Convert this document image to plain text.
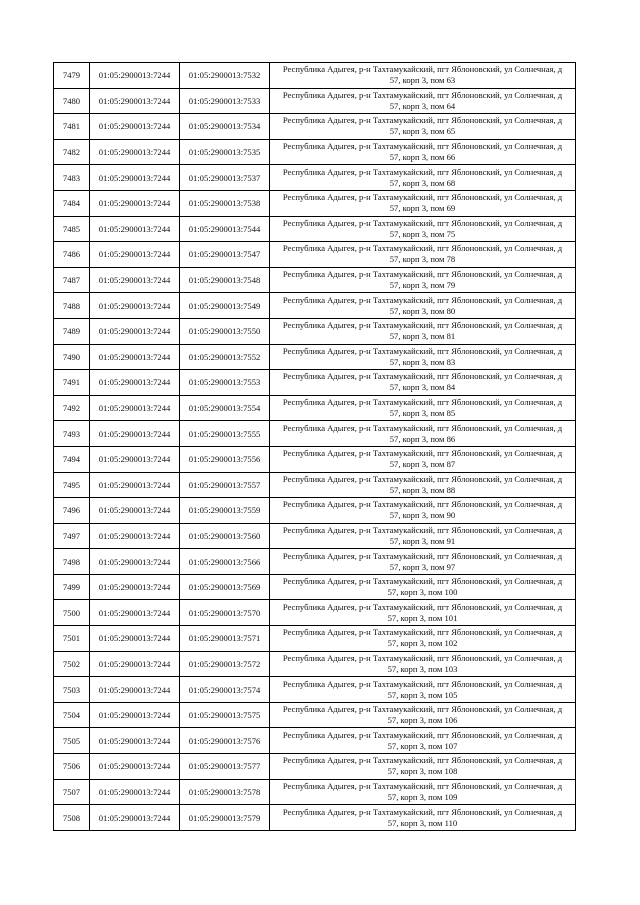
7479	01:05:2900013:7244	01:05:2900013:7532	Республика Адыгея, р-н Тахтамукайский, пгт Яблоновский, ул Солнечная, д
57, корп 3, пом 63

7480	01:05:2900013:7244	01:05:2900013:7533	Республика Адыгея, р-н Тахтамукайский, пгт Яблоновский, ул Солнечная, д
57, корп 3, пом 64

7481	01:05:2900013:7244	01:05:2900013:7534	Республика Адыгея, р-н Тахтамукайский, пгт Яблоновский, ул Солнечная, д
57, корп 3, пом 65

7482	01:05:2900013:7244	01:05:2900013:7535	Республика Адыгея, р-н Тахтамукайский, пгт Яблоновский, ул Солнечная, д
57, корп 3, пом 66

7483	01:05:2900013:7244	01:05:2900013:7537	Республика Адыгея, р-н Тахтамукайский, пгт Яблоновский, ул Солнечная, д
57, корп 3, пом 68

7484	01:05:2900013:7244	01:05:2900013:7538	Республика Адыгея, р-н Тахтамукайский, пгт Яблоновский, ул Солнечная, д
57, корп 3, пом 69

7485	01:05:2900013:7244	01:05:2900013:7544	Республика Адыгея, р-н Тахтамукайский, пгт Яблоновский, ул Солнечная, д
57, корп 3, пом 75

7486	01:05:2900013:7244	01:05:2900013:7547	Республика Адыгея, р-н Тахтамукайский, пгт Яблоновский, ул Солнечная, д
57, корп 3, пом 78

7487	01:05:2900013:7244	01:05:2900013:7548	Республика Адыгея, р-н Тахтамукайский, пгт Яблоновский, ул Солнечная, д
57, корп 3, пом 79

7488	01:05:2900013:7244	01:05:2900013:7549	Республика Адыгея, р-н Тахтамукайский, пгт Яблоновский, ул Солнечная, д
57, корп 3, пом 80

7489	01:05:2900013:7244	01:05:2900013:7550	Республика Адыгея, р-н Тахтамукайский, пгт Яблоновский, ул Солнечная, д
57, корп 3, пом 81

7490	01:05:2900013:7244	01:05:2900013:7552	Республика Адыгея, р-н Тахтамукайский, пгт Яблоновский, ул Солнечная, д
57, корп 3, пом 83

7491	01:05:2900013:7244	01:05:2900013:7553	Республика Адыгея, р-н Тахтамукайский, пгт Яблоновский, ул Солнечная, д
57, корп 3, пом 84

7492	01:05:2900013:7244	01:05:2900013:7554	Республика Адыгея, р-н Тахтамукайский, пгт Яблоновский, ул Солнечная, д
57, корп 3, пом 85

7493	01:05:2900013:7244	01:05:2900013:7555	Республика Адыгея, р-н Тахтамукайский, пгт Яблоновский, ул Солнечная, д
57, корп 3, пом 86

7494	01:05:2900013:7244	01:05:2900013:7556	Республика Адыгея, р-н Тахтамукайский, пгт Яблоновский, ул Солнечная, д
57, корп 3, пом 87

7495	01:05:2900013:7244	01:05:2900013:7557	Республика Адыгея, р-н Тахтамукайский, пгт Яблоновский, ул Солнечная, д
57, корп 3, пом 88

7496	01:05:2900013:7244	01:05:2900013:7559	Республика Адыгея, р-н Тахтамукайский, пгт Яблоновский, ул Солнечная, д
57, корп 3, пом 90

7497	01:05:2900013:7244	01:05:2900013:7560	Республика Адыгея, р-н Тахтамукайский, пгт Яблоновский, ул Солнечная, д
57, корп 3, пом 91

7498	01:05:2900013:7244	01:05:2900013:7566	Республика Адыгея, р-н Тахтамукайский, пгт Яблоновский, ул Солнечная, д
57, корп 3, пом 97

7499	01:05:2900013:7244	01:05:2900013:7569	Республика Адыгея, р-н Тахтамукайский, пгт Яблоновский, ул Солнечная, д
57, корп 3, пом 100

7500	01:05:2900013:7244	01:05:2900013:7570	Республика Адыгея, р-н Тахтамукайский, пгт Яблоновский, ул Солнечная, д
57, корп 3, пом 101

7501	01:05:2900013:7244	01:05:2900013:7571	Республика Адыгея, р-н Тахтамукайский, пгт Яблоновский, ул Солнечная, д
57, корп 3, пом 102

7502	01:05:2900013:7244	01:05:2900013:7572	Республика Адыгея, р-н Тахтамукайский, пгт Яблоновский, ул Солнечная, д
57, корп 3, пом 103

7503	01:05:2900013:7244	01:05:2900013:7574	Республика Адыгея, р-н Тахтамукайский, пгт Яблоновский, ул Солнечная, д
57, корп 3, пом 105

7504	01:05:2900013:7244	01:05:2900013:7575	Республика Адыгея, р-н Тахтамукайский, пгт Яблоновский, ул Солнечная, д
57, корп 3, пом 106

7505	01:05:2900013:7244	01:05:2900013:7576	Республика Адыгея, р-н Тахтамукайский, пгт Яблоновский, ул Солнечная, д
57, корп 3, пом 107

7506	01:05:2900013:7244	01:05:2900013:7577	Республика Адыгея, р-н Тахтамукайский, пгт Яблоновский, ул Солнечная, д
57, корп 3, пом 108

7507	01:05:2900013:7244	01:05:2900013:7578	Республика Адыгея, р-н Тахтамукайский, пгт Яблоновский, ул Солнечная, д
57, корп 3, пом 109

7508	01:05:2900013:7244	01:05:2900013:7579	Республика Адыгея, р-н Тахтамукайский, пгт Яблоновский, ул Солнечная, д
57, корп 3, пом 110
